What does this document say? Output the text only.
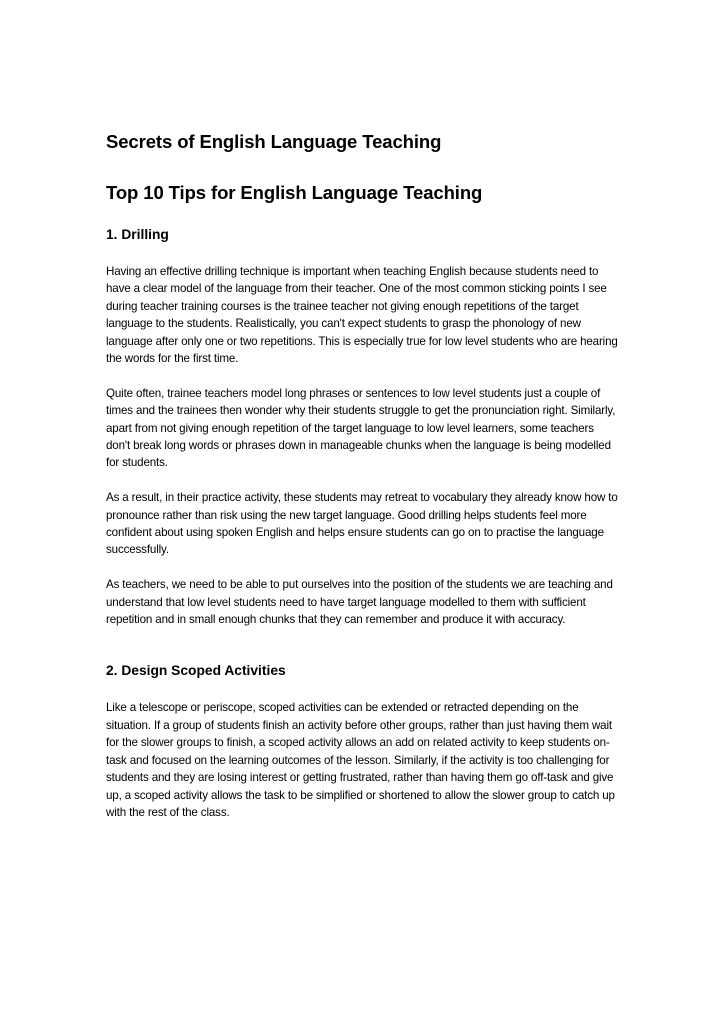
Secrets of English Language Teaching
Top 10 Tips for English Language Teaching
1. Drilling

Having an effective drilling technique is important when teaching English because students need to have a clear model of the language from their teacher. One of the most common sticking points I see during teacher training courses is the trainee teacher not giving enough repetitions of the target language to the students. Realistically, you can't expect students to grasp the phonology of new language after only one or two repetitions. This is especially true for low level students who are hearing the words for the first time.

Quite often, trainee teachers model long phrases or sentences to low level students just a couple of times and the trainees then wonder why their students struggle to get the pronunciation right. Similarly, apart from not giving enough repetition of the target language to low level learners, some teachers don't break long words or phrases down in manageable chunks when the language is being modelled for students.

As a result, in their practice activity, these students may retreat to vocabulary they already know how to pronounce rather than risk using the new target language. Good drilling helps students feel more confident about using spoken English and helps ensure students can go on to practise the language successfully.

As teachers, we need to be able to put ourselves into the position of the students we are teaching and understand that low level students need to have target language modelled to them with sufficient repetition and in small enough chunks that they can remember and produce it with accuracy.

2. Design Scoped Activities

Like a telescope or periscope, scoped activities can be extended or retracted depending on the situation. If a group of students finish an activity before other groups, rather than just having them wait for the slower groups to finish, a scoped activity allows an add on related activity to keep students on-task and focused on the learning outcomes of the lesson. Similarly, if the activity is too challenging for students and they are losing interest or getting frustrated, rather than having them go off-task and give up, a scoped activity allows the task to be simplified or shortened to allow the slower group to catch up with the rest of the class.
